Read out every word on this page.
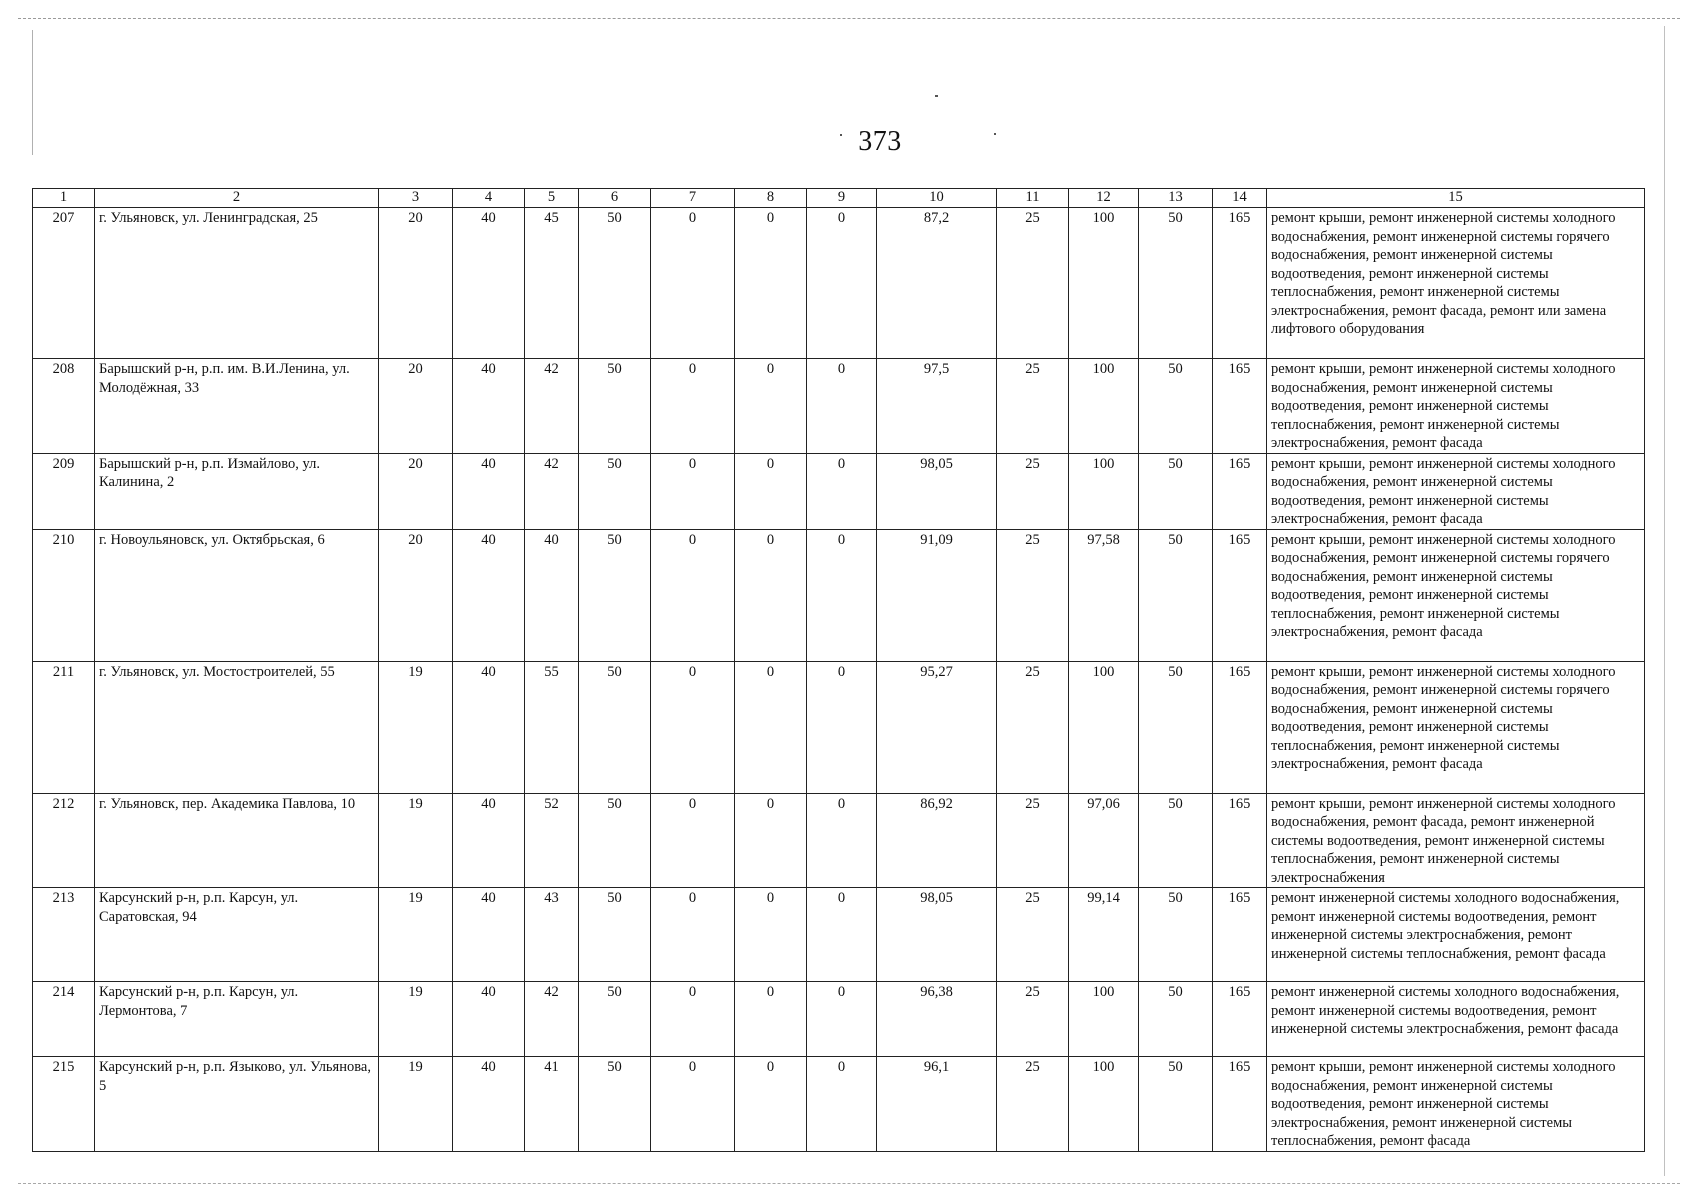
373
1	2	3	4	5	6	7	8	9	10	11	12	13	14	15
207	г. Ульяновск, ул. Ленинградская, 25	20	40	45	50	0	0	0	87,2	25	100	50	165	ремонт крыши, ремонт инженерной системы холодного водоснабжения, ремонт инженерной системы горячего водоснабжения, ремонт инженерной системы водоотведения, ремонт инженерной системы теплоснабжения, ремонт инженерной системы электроснабжения, ремонт фасада, ремонт или замена лифтового оборудования
208	Барышский р-н, р.п. им. В.И.Ленина, ул. Молодёжная, 33	20	40	42	50	0	0	0	97,5	25	100	50	165	ремонт крыши, ремонт инженерной системы холодного водоснабжения, ремонт инженерной системы водоотведения, ремонт инженерной системы теплоснабжения, ремонт инженерной системы электроснабжения, ремонт фасада
209	Барышский р-н, р.п. Измайлово, ул. Калинина, 2	20	40	42	50	0	0	0	98,05	25	100	50	165	ремонт крыши, ремонт инженерной системы холодного водоснабжения, ремонт инженерной системы водоотведения, ремонт инженерной системы электроснабжения, ремонт фасада
210	г. Новоульяновск, ул. Октябрьская, 6	20	40	40	50	0	0	0	91,09	25	97,58	50	165	ремонт крыши, ремонт инженерной системы холодного водоснабжения, ремонт инженерной системы горячего водоснабжения, ремонт инженерной системы водоотведения, ремонт инженерной системы теплоснабжения, ремонт инженерной системы электроснабжения, ремонт фасада
211	г. Ульяновск, ул. Мостостроителей, 55	19	40	55	50	0	0	0	95,27	25	100	50	165	ремонт крыши, ремонт инженерной системы холодного водоснабжения, ремонт инженерной системы горячего водоснабжения, ремонт инженерной системы водоотведения, ремонт инженерной системы теплоснабжения, ремонт инженерной системы электроснабжения, ремонт фасада
212	г. Ульяновск, пер. Академика Павлова, 10	19	40	52	50	0	0	0	86,92	25	97,06	50	165	ремонт крыши, ремонт инженерной системы холодного водоснабжения, ремонт фасада, ремонт инженерной системы водоотведения, ремонт инженерной системы теплоснабжения, ремонт инженерной системы электроснабжения
213	Карсунский р-н, р.п. Карсун, ул. Саратовская, 94	19	40	43	50	0	0	0	98,05	25	99,14	50	165	ремонт инженерной системы холодного водоснабжения, ремонт инженерной системы водоотведения, ремонт инженерной системы электроснабжения, ремонт инженерной системы теплоснабжения, ремонт фасада
214	Карсунский р-н, р.п. Карсун, ул. Лермонтова, 7	19	40	42	50	0	0	0	96,38	25	100	50	165	ремонт инженерной системы холодного водоснабжения, ремонт инженерной системы водоотведения, ремонт инженерной системы электроснабжения, ремонт фасада
215	Карсунский р-н, р.п. Языково, ул. Ульянова, 5	19	40	41	50	0	0	0	96,1	25	100	50	165	ремонт крыши, ремонт инженерной системы холодного водоснабжения, ремонт инженерной системы водоотведения, ремонт инженерной системы электроснабжения, ремонт инженерной системы теплоснабжения, ремонт фасада
